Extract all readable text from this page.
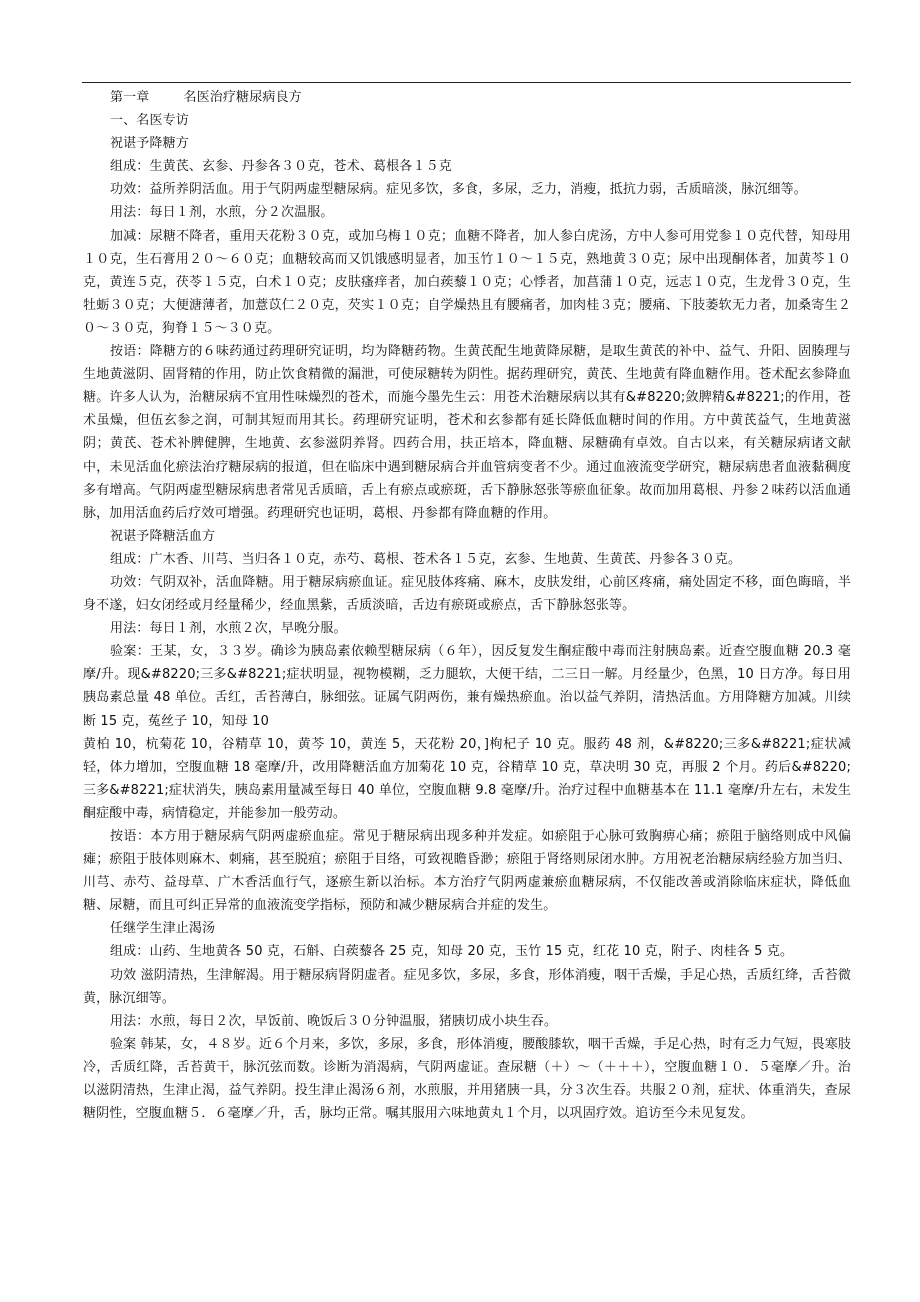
第一章	名医治疗糖尿病良方

一、名医专访

祝谌予降糖方

组成：生黄芪、玄参、丹参各３０克，苍术、葛根各１５克

功效：益所养阴活血。用于气阴两虚型糖尿病。症见多饮，多食，多尿，乏力，消瘦，抵抗力弱，舌质暗淡，脉沉细等。

用法：每日１剂，水煎，分２次温服。

加减：尿糖不降者，重用天花粉３０克，或加乌梅１０克；血糖不降者，加人参白虎汤，方中人参可用党参１０克代替，知母用１０克，生石膏用２０～６０克；血糖较高而又饥饿感明显者，加玉竹１０～１５克，熟地黄３０克；尿中出现酮体者，加黄芩１０克，黄连５克，茯苓１５克，白术１０克；皮肤瘙痒者，加白蒺藜１０克；心悸者，加菖蒲１０克，远志１０克，生龙骨３０克，生牡蛎３０克；大便溏薄者，加薏苡仁２０克，芡实１０克；自学燥热且有腰痛者，加肉桂３克；腰痛、下肢萎软无力者，加桑寄生２０～３０克，狗脊１５～３０克。

按语：降糖方的６味药通过药理研究证明，均为降糖药物。生黄芪配生地黄降尿糖，是取生黄芪的补中、益气、升阳、固腠理与生地黄滋阴、固肾精的作用，防止饮食精微的漏泄，可使尿糖转为阴性。据药理研究，黄芪、生地黄有降血糖作用。苍术配玄参降血糖。许多人认为，治糖尿病不宜用性味燥烈的苍术，而施今墨先生云：用苍术治糖尿病以其有&#8220;敛脾精&#8221;的作用，苍术虽燥，但伍玄参之润，可制其短而用其长。药理研究证明，苍术和玄参都有延长降低血糖时间的作用。方中黄芪益气，生地黄滋阴；黄芪、苍术补脾健脾，生地黄、玄参滋阴养肾。四药合用，扶正培本，降血糖、尿糖确有卓效。自古以来，有关糖尿病诸文献中，未见活血化瘀法治疗糖尿病的报道，但在临床中遇到糖尿病合并血管病变者不少。通过血液流变学研究，糖尿病患者血液黏稠度多有增高。气阴两虚型糖尿病患者常见舌质暗，舌上有瘀点或瘀斑，舌下静脉怒张等瘀血征象。故而加用葛根、丹参２味药以活血通脉，加用活血药后疗效可增强。药理研究也证明，葛根、丹参都有降血糖的作用。

祝谌予降糖活血方

组成：广木香、川芎、当归各１０克，赤芍、葛根、苍术各１５克，玄参、生地黄、生黄芪、丹参各３０克。

功效：气阴双补，活血降糖。用于糖尿病瘀血证。症见肢体疼痛、麻木，皮肤发绀，心前区疼痛，痛处固定不移，面色晦暗，半身不遂，妇女闭经或月经量稀少，经血黑紫，舌质淡暗，舌边有瘀斑或瘀点，舌下静脉怒张等。

用法：每日１剂，水煎２次，早晚分服。

验案：王某，女，３３岁。确诊为胰岛素依赖型糖尿病（６年），因反复发生酮症酸中毒而注射胰岛素。近查空腹血糖 20.3 毫摩/升。现&#8220;三多&#8221;症状明显，视物模糊，乏力腿软，大便干结，二三日一解。月经量少，色黑，10 日方净。每日用胰岛素总量 48 单位。舌红，舌苔薄白，脉细弦。证属气阴两伤，兼有燥热瘀血。治以益气养阴，清热活血。方用降糖方加减。川续断 15 克，菟丝子 10，知母 10

黄柏 10，杭菊花 10，谷精草 10，黄芩 10，黄连 5，天花粉 20，]枸杞子 10 克。服药 48 剂，&#8220;三多&#8221;症状减轻，体力增加，空腹血糖 18 毫摩/升，改用降糖活血方加菊花 10 克，谷精草 10 克，草决明 30 克，再服 2 个月。药后&#8220;三多&#8221;症状消失，胰岛素用量减至每日 40 单位，空腹血糖 9.8 毫摩/升。治疗过程中血糖基本在 11.1 毫摩/升左右，未发生酮症酸中毒，病情稳定，并能参加一般劳动。

按语：本方用于糖尿病气阴两虚瘀血症。常见于糖尿病出现多种并发症。如瘀阻于心脉可致胸痹心痛；瘀阻于脑络则成中风偏瘫；瘀阻于肢体则麻木、刺痛，甚至脱疽；瘀阻于目络，可致视瞻昏渺；瘀阻于肾络则尿闭水肿。方用祝老治糖尿病经验方加当归、川芎、赤芍、益母草、广木香活血行气，逐瘀生新以治标。本方治疗气阴两虚兼瘀血糖尿病，不仅能改善或消除临床症状，降低血糖、尿糖，而且可纠正异常的血液流变学指标，预防和减少糖尿病合并症的发生。

任继学生津止渴汤

组成：山药、生地黄各 50 克，石斛、白蒺藜各 25 克，知母 20 克，玉竹 15 克，红花 10 克，附子、肉桂各 5 克。

功效 滋阴清热，生津解渴。用于糖尿病肾阴虚者。症见多饮，多尿，多食，形体消瘦，咽干舌燥，手足心热，舌质红绛，舌苔微黄，脉沉细等。

用法：水煎，每日２次，早饭前、晚饭后３０分钟温服，猪胰切成小块生吞。

验案 韩某，女，４８岁。近６个月来，多饮，多尿，多食，形体消瘦，腰酸膝软，咽干舌燥，手足心热，时有乏力气短，畏寒肢冷，舌质红降，舌苔黄干，脉沉弦而数。诊断为消渴病，气阴两虚证。查尿糖（＋）～（＋＋＋），空腹血糖１０．５毫摩／升。治以滋阴清热，生津止渴，益气养阴。投生津止渴汤６剂，水煎服，并用猪胰一具，分３次生吞。共服２０剂，症状、体重消失，查尿糖阴性，空腹血糖５．６毫摩／升，舌，脉均正常。嘱其服用六味地黄丸１个月，以巩固疗效。追访至今未见复发。
